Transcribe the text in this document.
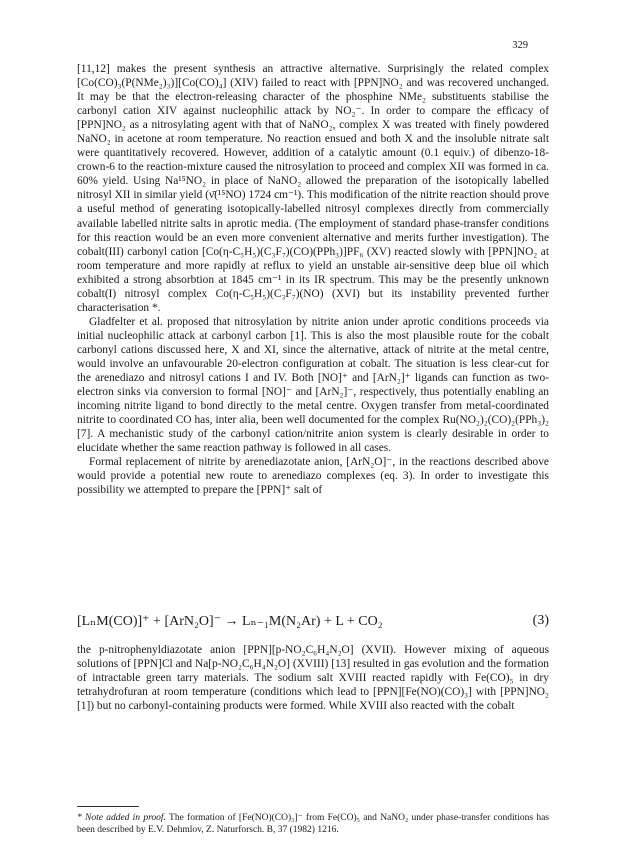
329

[11,12] makes the present synthesis an attractive alternative. Surprisingly the related complex [Co(CO)₃(P(NMe₂)₃)][Co(CO)₄] (XIV) failed to react with [PPN]NO₂ and was recovered unchanged. It may be that the electron-releasing character of the phosphine NMe₂ substituents stabilise the carbonyl cation XIV against nucleophilic attack by NO₂⁻. In order to compare the efficacy of [PPN]NO₂ as a nitrosylating agent with that of NaNO₂, complex X was treated with finely powdered NaNO₂ in acetone at room temperature. No reaction ensued and both X and the insoluble nitrate salt were quantitatively recovered. However, addition of a catalytic amount (0.1 equiv.) of dibenzo-18-crown-6 to the reaction-mixture caused the nitrosylation to proceed and complex XII was formed in ca. 60% yield. Using Na¹⁵NO₂ in place of NaNO₂ allowed the preparation of the isotopically labelled nitrosyl XII in similar yield (ν̄(¹⁵NO) 1724 cm⁻¹). This modification of the nitrite reaction should prove a useful method of generating isotopically-labelled nitrosyl complexes directly from commercially available labelled nitrite salts in aprotic media. (The employment of standard phase-transfer conditions for this reaction would be an even more convenient alternative and merits further investigation). The cobalt(III) carbonyl cation [Co(η-C₅H₅)(C₃F₇)(CO)(PPh₃)]PF₆ (XV) reacted slowly with [PPN]NO₂ at room temperature and more rapidly at reflux to yield an unstable air-sensitive deep blue oil which exhibited a strong absorbtion at 1845 cm⁻¹ in its IR spectrum. This may be the presently unknown cobalt(I) nitrosyl complex Co(η-C₅H₅)(C₃F₇)(NO) (XVI) but its instability prevented further characterisation *.

Gladfelter et al. proposed that nitrosylation by nitrite anion under aprotic conditions proceeds via initial nucleophilic attack at carbonyl carbon [1]. This is also the most plausible route for the cobalt carbonyl cations discussed here, X and XI, since the alternative, attack of nitrite at the metal centre, would involve an unfavourable 20-electron configuration at cobalt. The situation is less clear-cut for the arenediazo and nitrosyl cations I and IV. Both [NO]⁺ and [ArN₂]⁺ ligands can function as two-electron sinks via conversion to formal [NO]⁻ and [ArN₂]⁻, respectively, thus potentially enabling an incoming nitrite ligand to bond directly to the metal centre. Oxygen transfer from metal-coordinated nitrite to coordinated CO has, inter alia, been well documented for the complex Ru(NO₂)₂(CO)₂(PPh₃)₂ [7]. A mechanistic study of the carbonyl cation/nitrite anion system is clearly desirable in order to elucidate whether the same reaction pathway is followed in all cases.

Formal replacement of nitrite by arenediazotate anion, [ArN₂O]⁻, in the reactions described above would provide a potential new route to arenediazo complexes (eq. 3). In order to investigate this possibility we attempted to prepare the [PPN]⁺ salt of

[LₙM(CO)]⁺ + [ArN₂O]⁻ → Lₙ₋₁M(N₂Ar) + L + CO₂	(3)

the p-nitrophenyldiazotate anion [PPN][p-NO₂C₆H₄N₂O] (XVII). However mixing of aqueous solutions of [PPN]Cl and Na[p-NO₂C₆H₄N₂O] (XVIII) [13] resulted in gas evolution and the formation of intractable green tarry materials. The sodium salt XVIII reacted rapidly with Fe(CO)₅ in dry tetrahydrofuran at room temperature (conditions which lead to [PPN][Fe(NO)(CO)₃] with [PPN]NO₂ [1]) but no carbonyl-containing products were formed. While XVIII also reacted with the cobalt

* Note added in proof. The formation of [Fe(NO)(CO)₃]⁻ from Fe(CO)₅ and NaNO₂ under phase-transfer conditions has been described by E.V. Dehmlov, Z. Naturforsch. B, 37 (1982) 1216.
